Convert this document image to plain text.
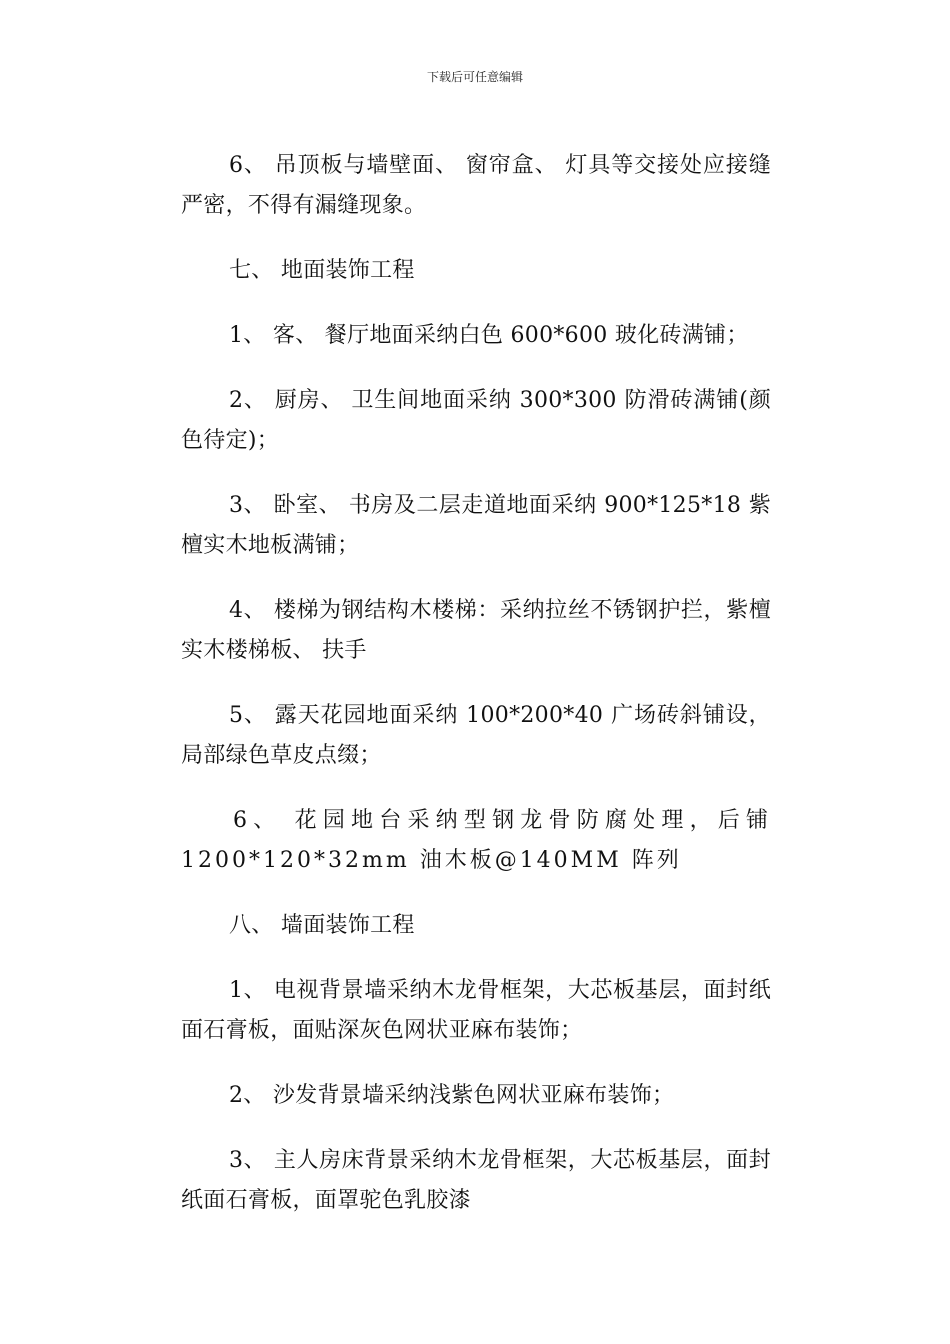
下载后可任意编辑

6、 吊顶板与墙壁面、 窗帘盒、 灯具等交接处应接缝严密，不得有漏缝现象。

七、 地面装饰工程

1、 客、 餐厅地面采纳白色 600*600 玻化砖满铺；

2、 厨房、 卫生间地面采纳 300*300 防滑砖满铺(颜色待定)；

3、 卧室、 书房及二层走道地面采纳 900*125*18 紫檀实木地板满铺；

4、 楼梯为钢结构木楼梯：采纳拉丝不锈钢护拦，紫檀实木楼梯板、 扶手

5、 露天花园地面采纳 100*200*40 广场砖斜铺设，局部绿色草皮点缀；

6、 花园地台采纳型钢龙骨防腐处理，后铺 1200*120*32mm 油木板@140MM 阵列

八、 墙面装饰工程

1、 电视背景墙采纳木龙骨框架，大芯板基层，面封纸面石膏板，面贴深灰色网状亚麻布装饰；

2、 沙发背景墙采纳浅紫色网状亚麻布装饰；

3、 主人房床背景采纳木龙骨框架，大芯板基层，面封纸面石膏板，面罩驼色乳胶漆
